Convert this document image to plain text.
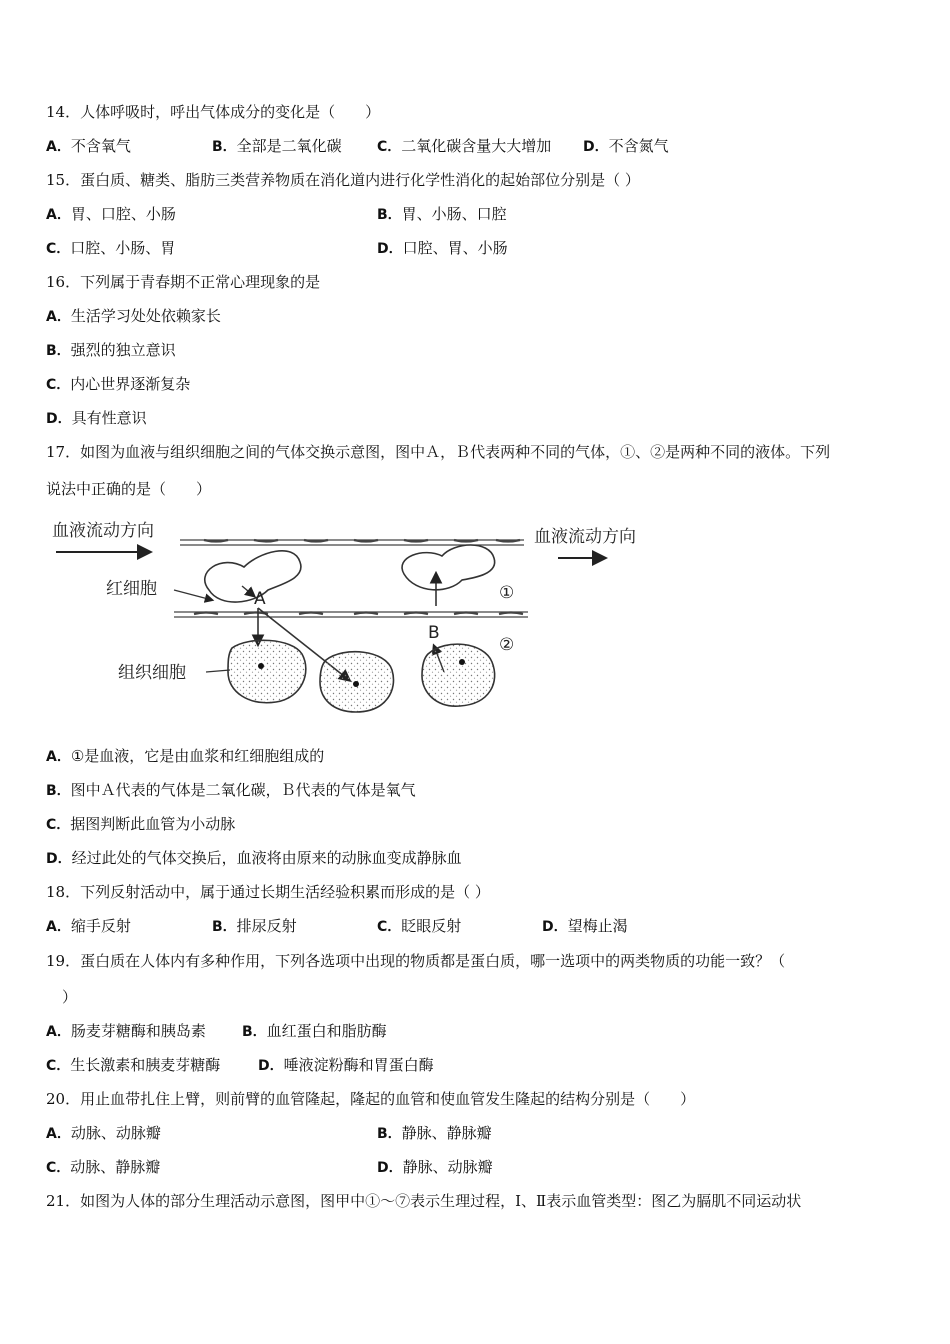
14．人体呼吸时，呼出气体成分的变化是（　　）
A．不含氧气	B．全部是二氧化碳	C．二氧化碳含量大大增加 D．不含氮气
15．蛋白质、糖类、脂肪三类营养物质在消化道内进行化学性消化的起始部位分别是（ ）
A．胃、口腔、小肠	B．胃、小肠、口腔
C．口腔、小肠、胃	D．口腔、胃、小肠
16．下列属于青春期不正常心理现象的是
A．生活学习处处依赖家长
B．强烈的独立意识
C．内心世界逐渐复杂
D．具有性意识
17．如图为血液与组织细胞之间的气体交换示意图，图中Ａ，Ｂ代表两种不同的气体，①、②是两种不同的液体。下列
说法中正确的是（　　）
血液流动方向	血液流动方向
红细胞	A
B
①
②
组织细胞
A．①是血液，它是由血浆和红细胞组成的
B．图中Ａ代表的气体是二氧化碳，Ｂ代表的气体是氧气
C．据图判断此血管为小动脉
D．经过此处的气体交换后，血液将由原来的动脉血变成静脉血
18．下列反射活动中，属于通过长期生活经验积累而形成的是（ ）
A．缩手反射	B．排尿反射	C．眨眼反射	D．望梅止渴
19．蛋白质在人体内有多种作用，下列各选项中出现的物质都是蛋白质，哪一选项中的两类物质的功能一致？（
）
A．肠麦芽糖酶和胰岛素	B．血红蛋白和脂肪酶
C．生长激素和胰麦芽糖酶	D．唾液淀粉酶和胃蛋白酶
20．用止血带扎住上臂，则前臂的血管隆起，隆起的血管和使血管发生隆起的结构分别是（　　）
A．动脉、动脉瓣	B．静脉、静脉瓣
C．动脉、静脉瓣	D．静脉、动脉瓣
21．如图为人体的部分生理活动示意图，图甲中①～⑦表示生理过程，Ⅰ、Ⅱ表示血管类型：图乙为膈肌不同运动状
